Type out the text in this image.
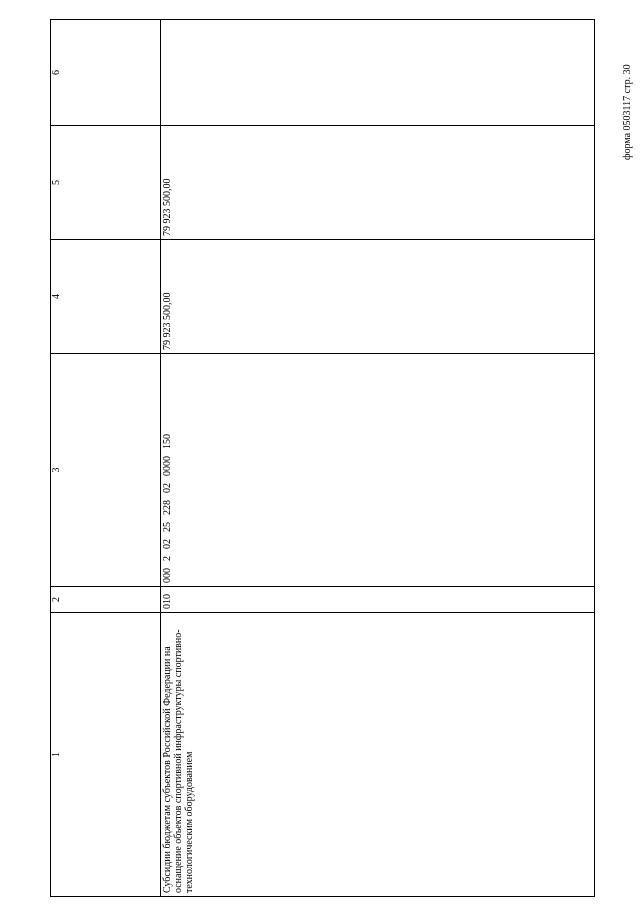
форма 0503117 стр. 30
1	2	3	4	5	6
Субсидии бюджетам субъектов Российской Федерации на оснащение объектов спортивной инфраструктуры спортивно-технологическим оборудованием	010	00020225228020000150	79 923 500,00	79 923 500,00	
